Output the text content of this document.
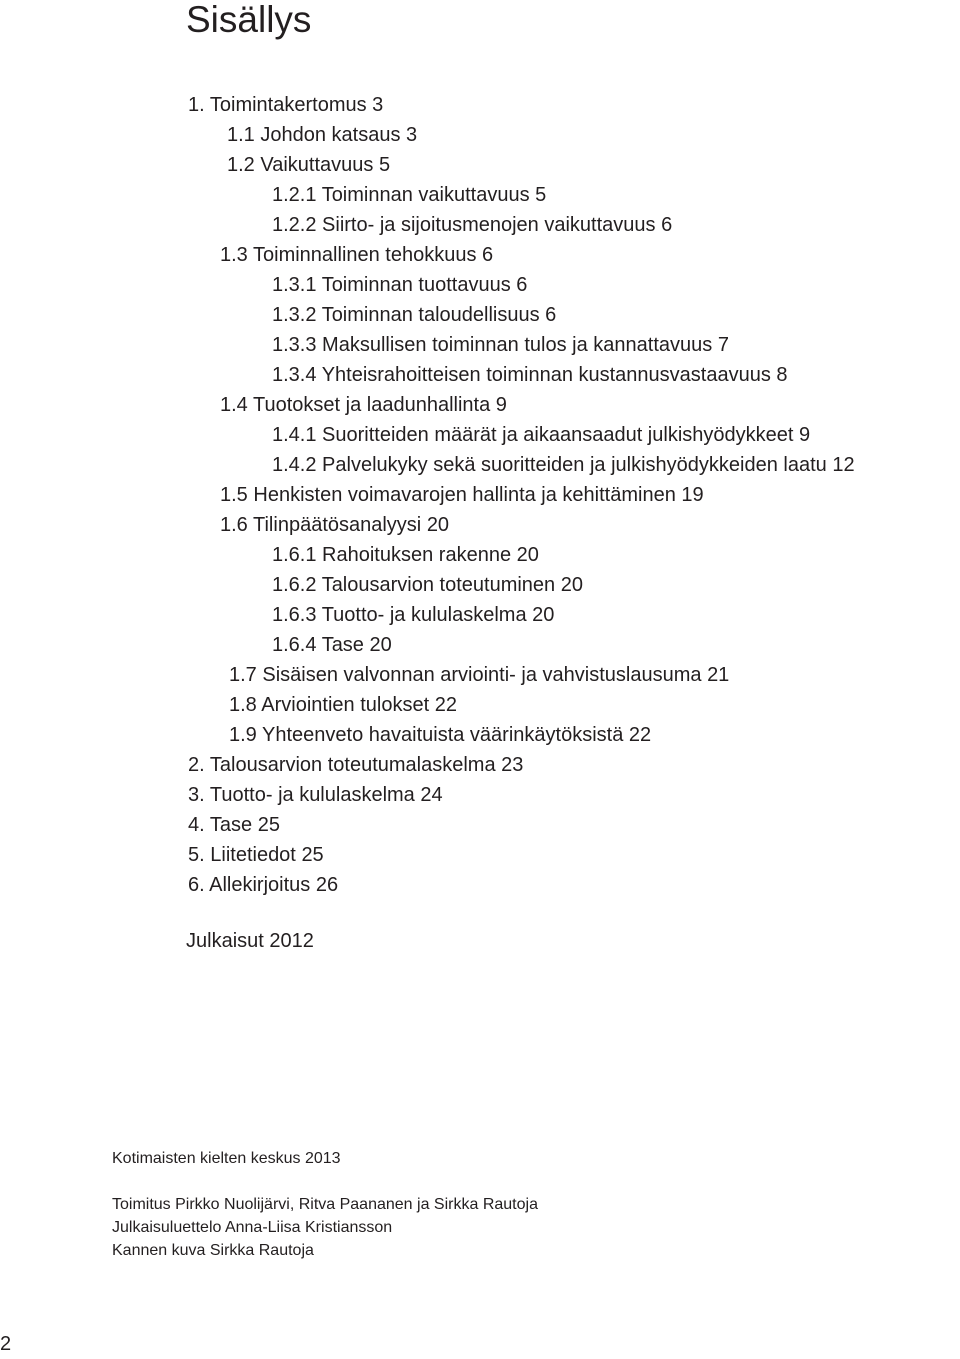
Sisällys
1. Toimintakertomus 3
1.1 Johdon katsaus 3
1.2 Vaikuttavuus 5
1.2.1 Toiminnan vaikuttavuus 5
1.2.2 Siirto- ja sijoitusmenojen vaikuttavuus 6
1.3 Toiminnallinen tehokkuus 6
1.3.1 Toiminnan tuottavuus 6
1.3.2 Toiminnan taloudellisuus 6
1.3.3 Maksullisen toiminnan tulos ja kannattavuus 7
1.3.4 Yhteisrahoitteisen toiminnan kustannusvastaavuus 8
1.4 Tuotokset ja laadunhallinta 9
1.4.1 Suoritteiden määrät ja aikaansaadut julkishyödykkeet 9
1.4.2 Palvelukyky sekä suoritteiden ja julkishyödykkeiden laatu 12
1.5 Henkisten voimavarojen hallinta ja kehittäminen 19
1.6 Tilinpäätösanalyysi 20
1.6.1 Rahoituksen rakenne 20
1.6.2 Talousarvion toteutuminen 20
1.6.3 Tuotto- ja kululaskelma 20
1.6.4 Tase 20
1.7 Sisäisen valvonnan arviointi- ja vahvistuslausuma 21
1.8 Arviointien tulokset 22
1.9 Yhteenveto havaituista väärinkäytöksistä 22
2. Talousarvion toteutumalaskelma 23
3. Tuotto- ja kululaskelma 24
4. Tase 25
5. Liitetiedot 25
6. Allekirjoitus 26
Julkaisut 2012
Kotimaisten kielten keskus 2013
Toimitus Pirkko Nuolijärvi, Ritva Paananen ja Sirkka Rautoja
Julkaisuluettelo Anna-Liisa Kristiansson
Kannen kuva Sirkka Rautoja
2
